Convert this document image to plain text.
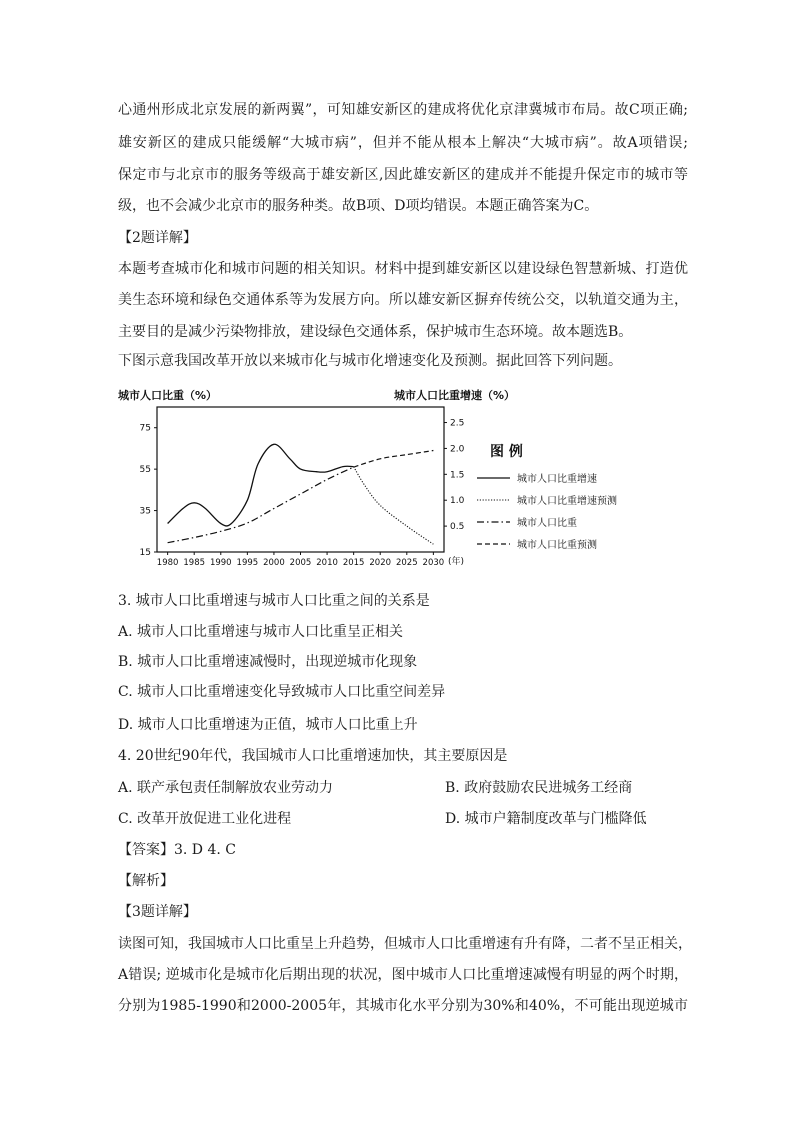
心通州形成北京发展的新两翼”，可知雄安新区的建成将优化京津冀城市布局。故C项正确;
雄安新区的建成只能缓解“大城市病”，但并不能从根本上解决“大城市病”。故A项错误;
保定市与北京市的服务等级高于雄安新区,因此雄安新区的建成并不能提升保定市的城市等
级，也不会减少北京市的服务种类。故B项、D项均错误。本题正确答案为C。
【2题详解】
本题考查城市化和城市问题的相关知识。材料中提到雄安新区以建设绿色智慧新城、打造优
美生态环境和绿色交通体系等为发展方向。所以雄安新区摒弃传统公交，以轨道交通为主，
主要目的是减少污染物排放，建设绿色交通体系，保护城市生态环境。故本题选B。
下图示意我国改革开放以来城市化与城市化增速变化及预测。据此回答下列问题。
城市人口比重（%）	城市人口比重增速（%）
1980 1985 1990 1995 2000 2005 2010 2015 2020 2025 2030
75
55
35
15
2.5
2.0
1.5
1.0
0.5
(年)
图 例
城市人口比重增速
城市人口比重增速预测
城市人口比重
城市人口比重预测
3. 城市人口比重增速与城市人口比重之间的关系是
A. 城市人口比重增速与城市人口比重呈正相关
B. 城市人口比重增速减慢时，出现逆城市化现象
C. 城市人口比重增速变化导致城市人口比重空间差异
D. 城市人口比重增速为正值，城市人口比重上升
4. 20世纪90年代，我国城市人口比重增速加快，其主要原因是
A. 联产承包责任制解放农业劳动力	B. 政府鼓励农民进城务工经商
C. 改革开放促进工业化进程	D. 城市户籍制度改革与门槛降低
【答案】3. D 4. C
【解析】
【3题详解】
读图可知，我国城市人口比重呈上升趋势，但城市人口比重增速有升有降，二者不呈正相关，
A错误; 逆城市化是城市化后期出现的状况，图中城市人口比重增速减慢有明显的两个时期，
分别为1985-1990和2000-2005年，其城市化水平分别为30%和40%，不可能出现逆城市
